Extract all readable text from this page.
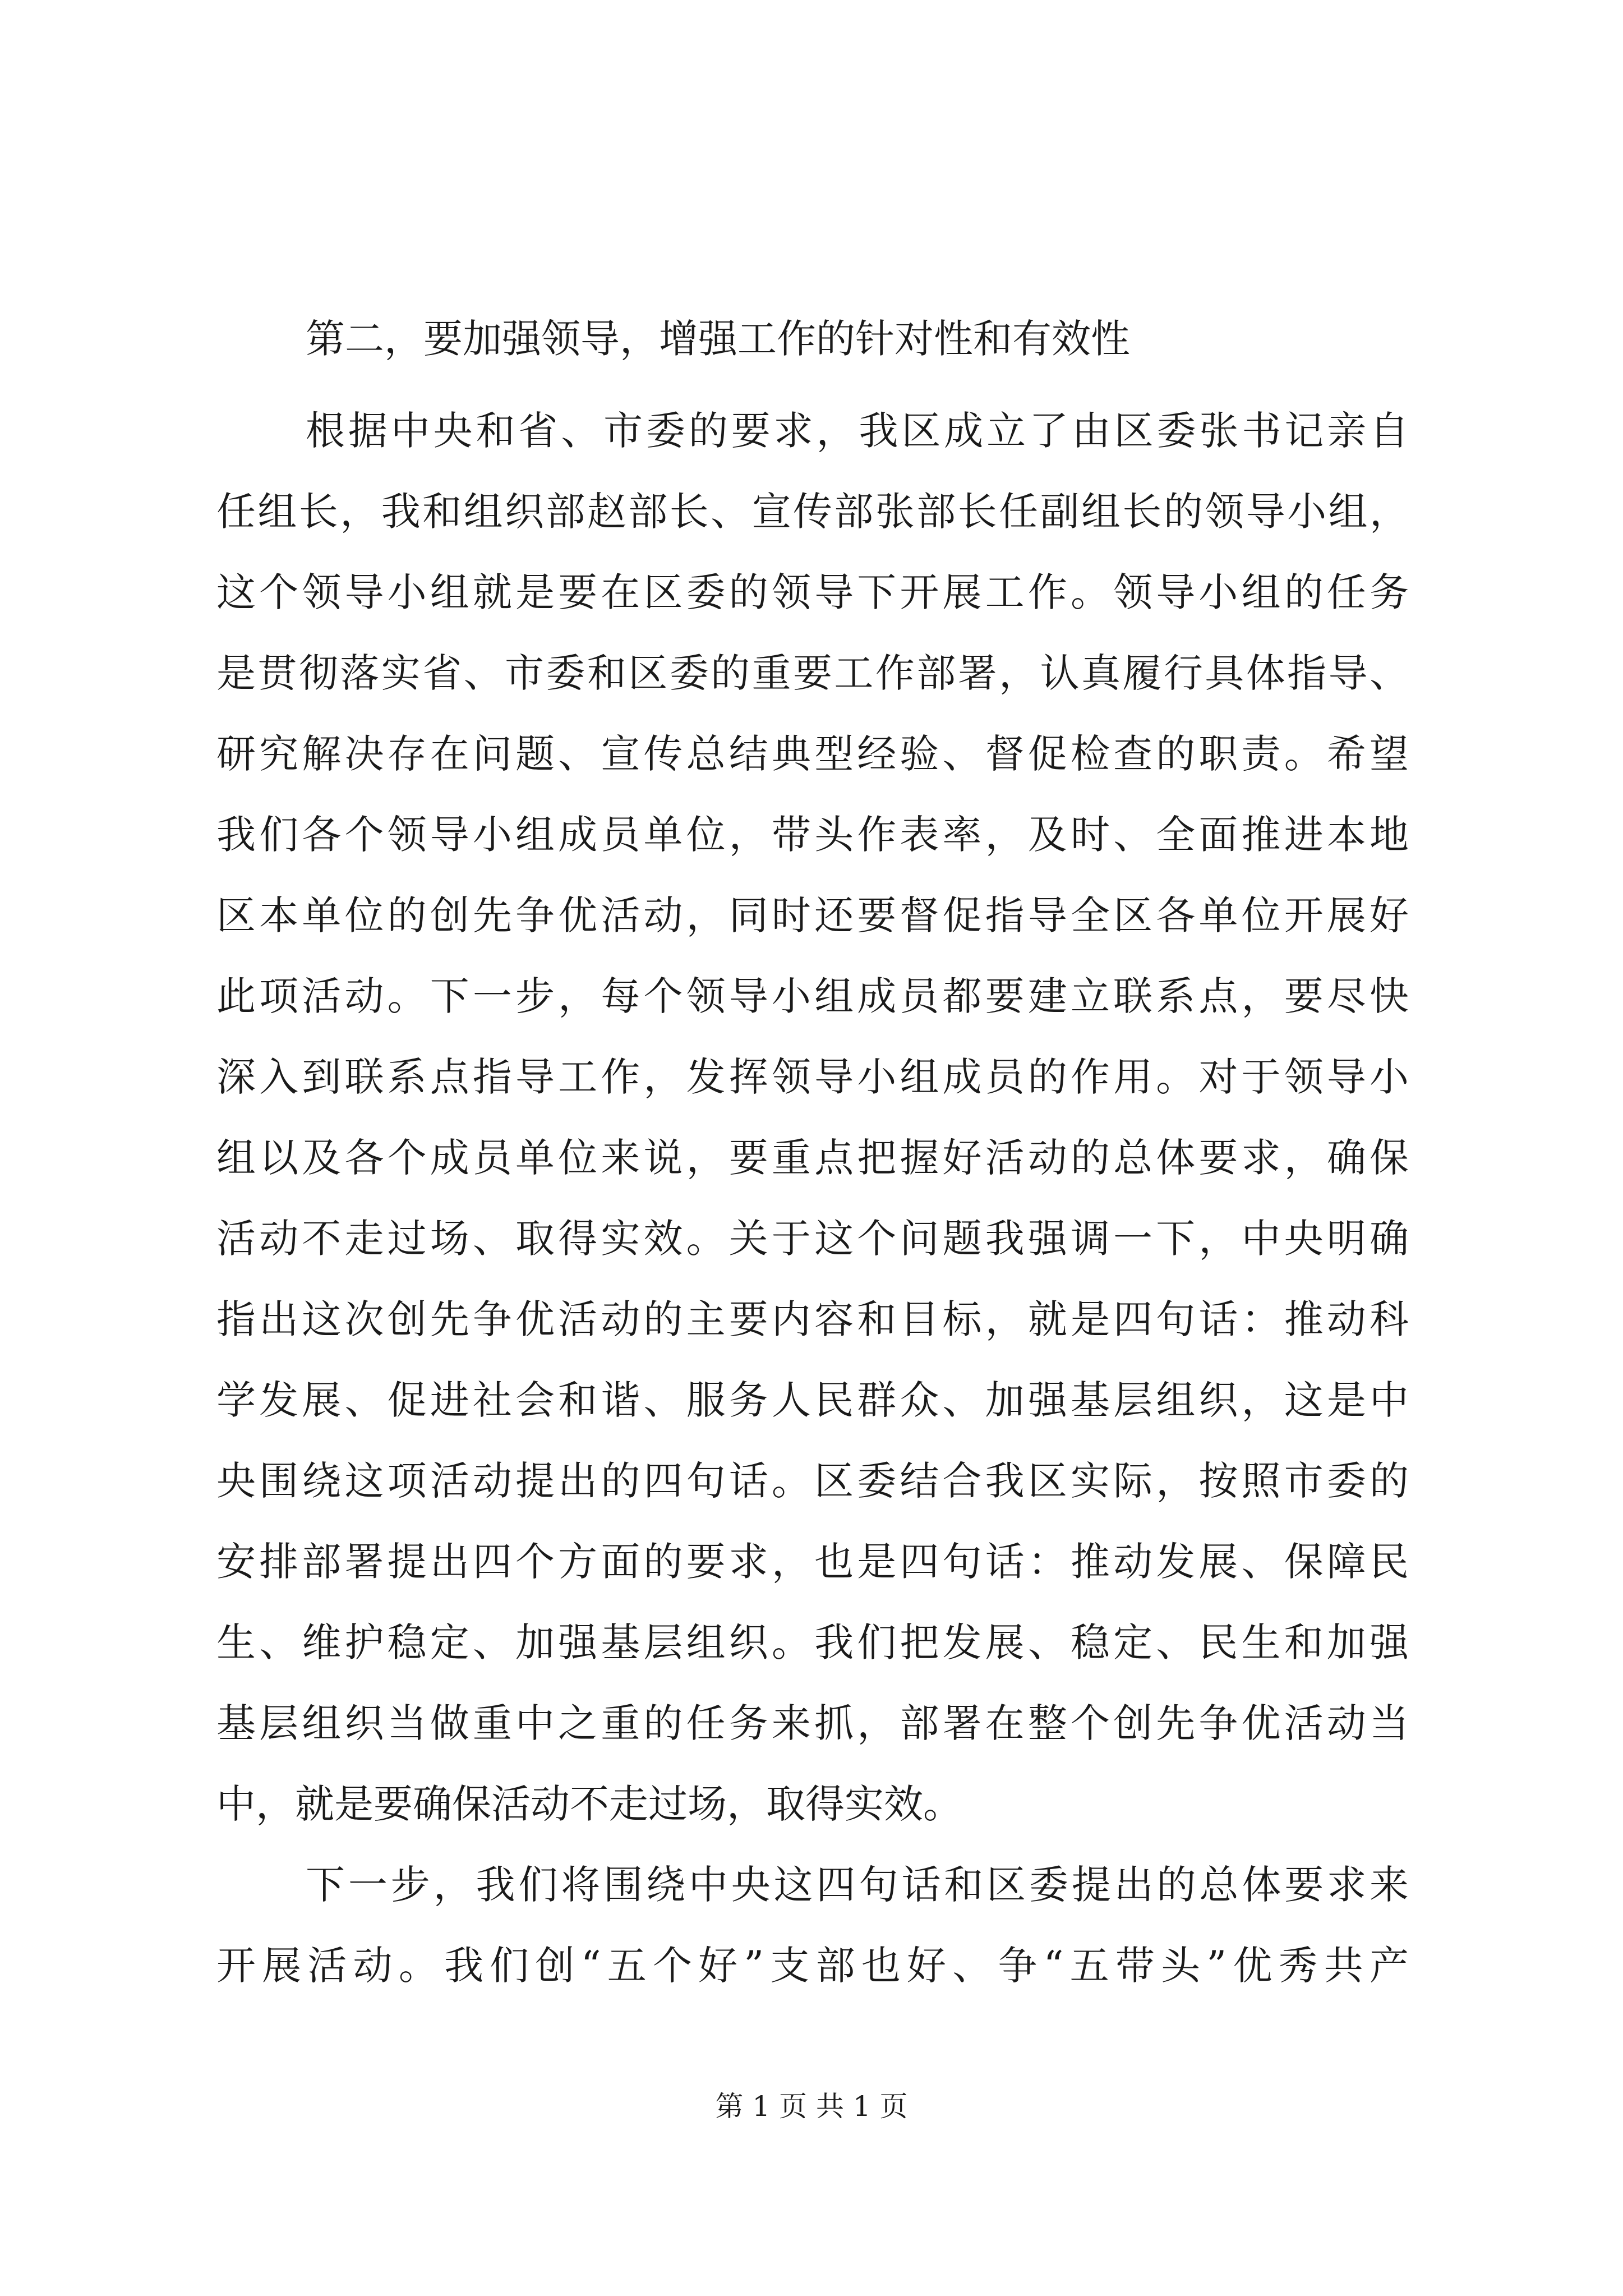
第二，要加强领导，增强工作的针对性和有效性

根据中央和省、市委的要求，我区成立了由区委张书记亲自

任组长，我和组织部赵部长、宣传部张部长任副组长的领导小组，

这个领导小组就是要在区委的领导下开展工作。领导小组的任务

是贯彻落实省、市委和区委的重要工作部署，认真履行具体指导、

研究解决存在问题、宣传总结典型经验、督促检查的职责。希望

我们各个领导小组成员单位，带头作表率，及时、全面推进本地

区本单位的创先争优活动，同时还要督促指导全区各单位开展好

此项活动。下一步，每个领导小组成员都要建立联系点，要尽快

深入到联系点指导工作，发挥领导小组成员的作用。对于领导小

组以及各个成员单位来说，要重点把握好活动的总体要求，确保

活动不走过场、取得实效。关于这个问题我强调一下，中央明确

指出这次创先争优活动的主要内容和目标，就是四句话：推动科

学发展、促进社会和谐、服务人民群众、加强基层组织，这是中

央围绕这项活动提出的四句话。区委结合我区实际，按照市委的

安排部署提出四个方面的要求，也是四句话：推动发展、保障民

生、维护稳定、加强基层组织。我们把发展、稳定、民生和加强

基层组织当做重中之重的任务来抓，部署在整个创先争优活动当

中，就是要确保活动不走过场，取得实效。

下一步，我们将围绕中央这四句话和区委提出的总体要求来

开展活动。我们创“五个好”支部也好、争“五带头”优秀共产

第 1 页 共 1 页
